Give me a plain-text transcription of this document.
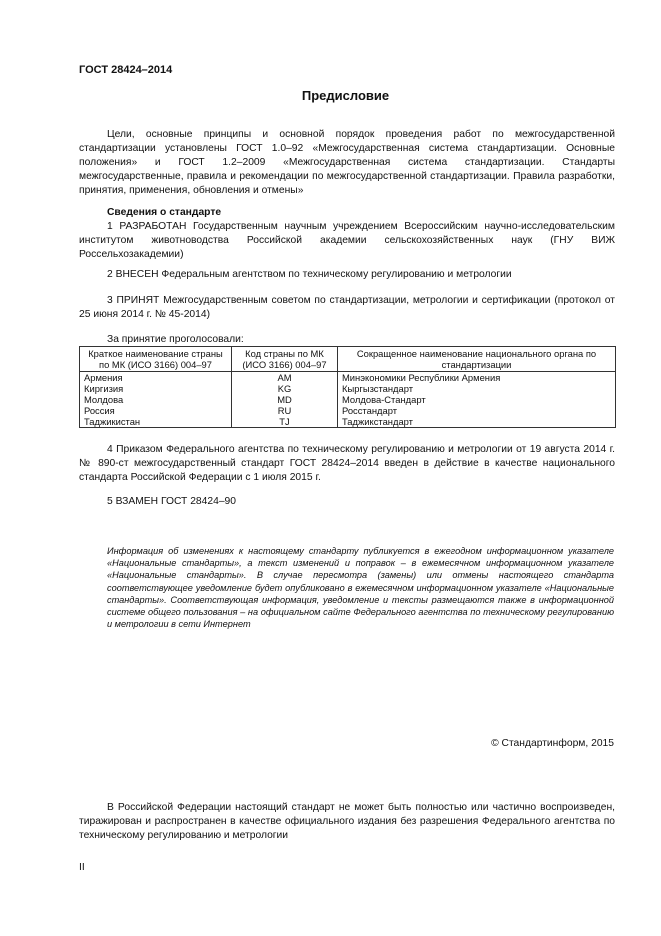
ГОСТ 28424–2014
Предисловие
Цели, основные принципы и основной порядок проведения работ по межгосударственной стандартизации установлены ГОСТ 1.0–92 «Межгосударственная система стандартизации. Основные положения» и ГОСТ 1.2–2009 «Межгосударственная система стандартизации. Стандарты межгосударственные, правила и рекомендации по межгосударственной стандартизации. Правила разработки, принятия, применения, обновления и отмены»
Сведения о стандарте
1 РАЗРАБОТАН Государственным научным учреждением Всероссийским научно-исследовательским институтом животноводства Российской академии сельскохозяйственных наук (ГНУ ВИЖ Россельхозакадемии)
2 ВНЕСЕН Федеральным агентством по техническому регулированию и метрологии
3 ПРИНЯТ Межгосударственным советом по стандартизации, метрологии и сертификации (протокол от 25 июня 2014 г. № 45-2014)
За принятие проголосовали:
Краткое наименование страны по МК (ИСО 3166) 004–97	Код страны по МК (ИСО 3166) 004–97	Сокращенное наименование национального органа по стандартизации
Армения	AM	Минэкономики Республики Армения
Киргизия	KG	Кыргызстандарт
Молдова	MD	Молдова-Стандарт
Россия	RU	Росстандарт
Таджикистан	TJ	Таджикстандарт
4 Приказом Федерального агентства по техническому регулированию и метрологии от 19 августа 2014 г. № 890-ст межгосударственный стандарт ГОСТ 28424–2014 введен в действие в качестве национального стандарта Российской Федерации с 1 июля 2015 г.
5 ВЗАМЕН ГОСТ 28424–90
Информация об изменениях к настоящему стандарту публикуется в ежегодном информационном указателе «Национальные стандарты», а текст изменений и поправок – в ежемесячном информационном указателе «Национальные стандарты». В случае пересмотра (замены) или отмены настоящего стандарта соответствующее уведомление будет опубликовано в ежемесячном информационном указателе «Национальные стандарты». Соответствующая информация, уведомление и тексты размещаются также в информационной системе общего пользования – на официальном сайте Федерального агентства по техническому регулированию и метрологии в сети Интернет
© Стандартинформ, 2015
В Российской Федерации настоящий стандарт не может быть полностью или частично воспроизведен, тиражирован и распространен в качестве официального издания без разрешения Федерального агентства по техническому регулированию и метрологии
II
